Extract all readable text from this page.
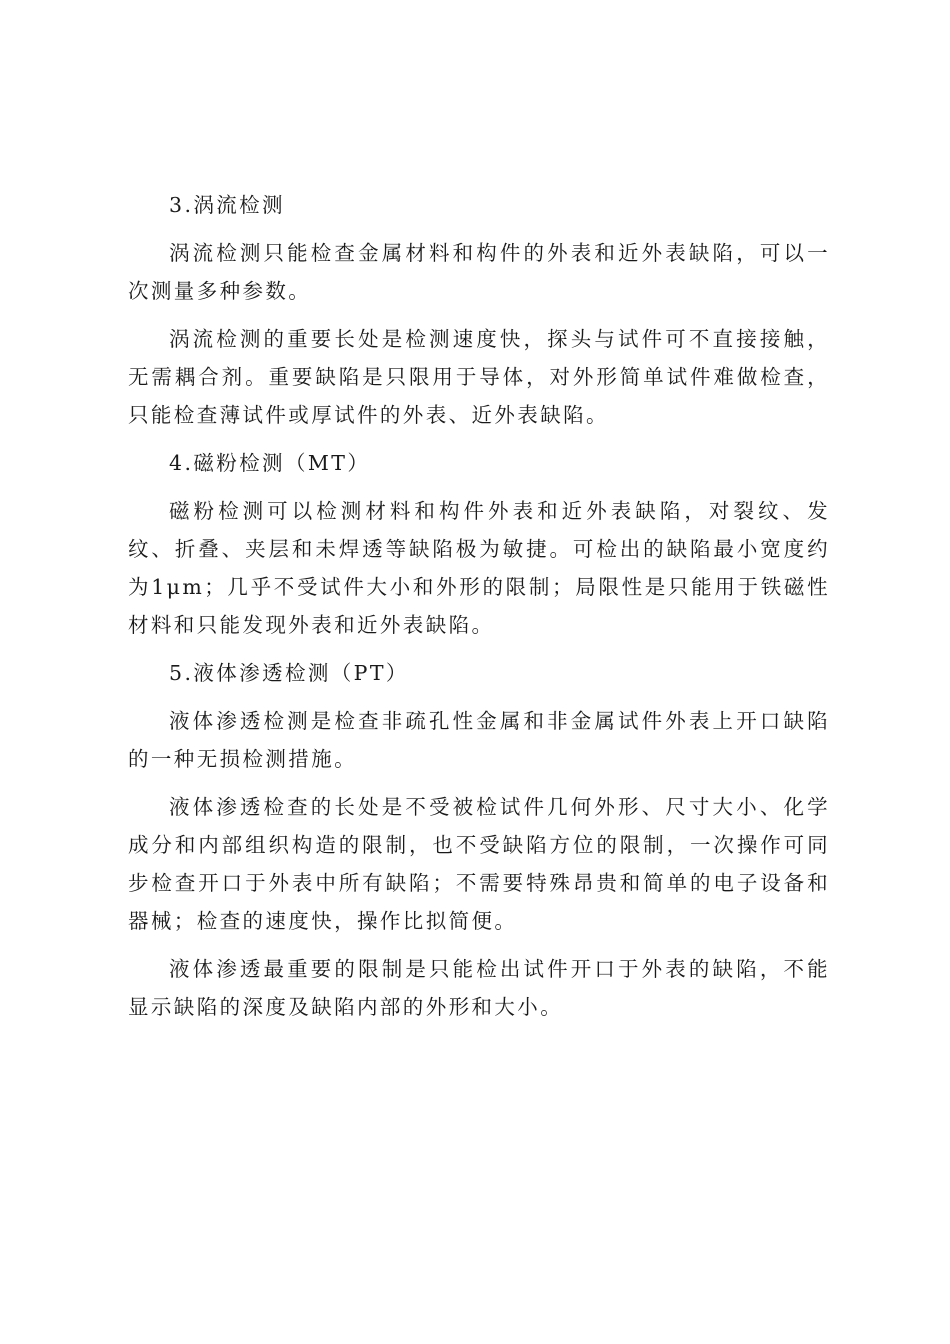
3.涡流检测

涡流检测只能检查金属材料和构件的外表和近外表缺陷，可以一次测量多种参数。

涡流检测的重要长处是检测速度快，探头与试件可不直接接触，无需耦合剂。重要缺陷是只限用于导体，对外形简单试件难做检查，只能检查薄试件或厚试件的外表、近外表缺陷。

4.磁粉检测（MT）

磁粉检测可以检测材料和构件外表和近外表缺陷，对裂纹、发纹、折叠、夹层和未焊透等缺陷极为敏捷。可检出的缺陷最小宽度约为1μm；几乎不受试件大小和外形的限制；局限性是只能用于铁磁性材料和只能发现外表和近外表缺陷。

5.液体渗透检测（PT）

液体渗透检测是检查非疏孔性金属和非金属试件外表上开口缺陷的一种无损检测措施。

液体渗透检查的长处是不受被检试件几何外形、尺寸大小、化学成分和内部组织构造的限制，也不受缺陷方位的限制，一次操作可同步检查开口于外表中所有缺陷；不需要特殊昂贵和简单的电子设备和器械；检查的速度快，操作比拟简便。

液体渗透最重要的限制是只能检出试件开口于外表的缺陷，不能显示缺陷的深度及缺陷内部的外形和大小。
